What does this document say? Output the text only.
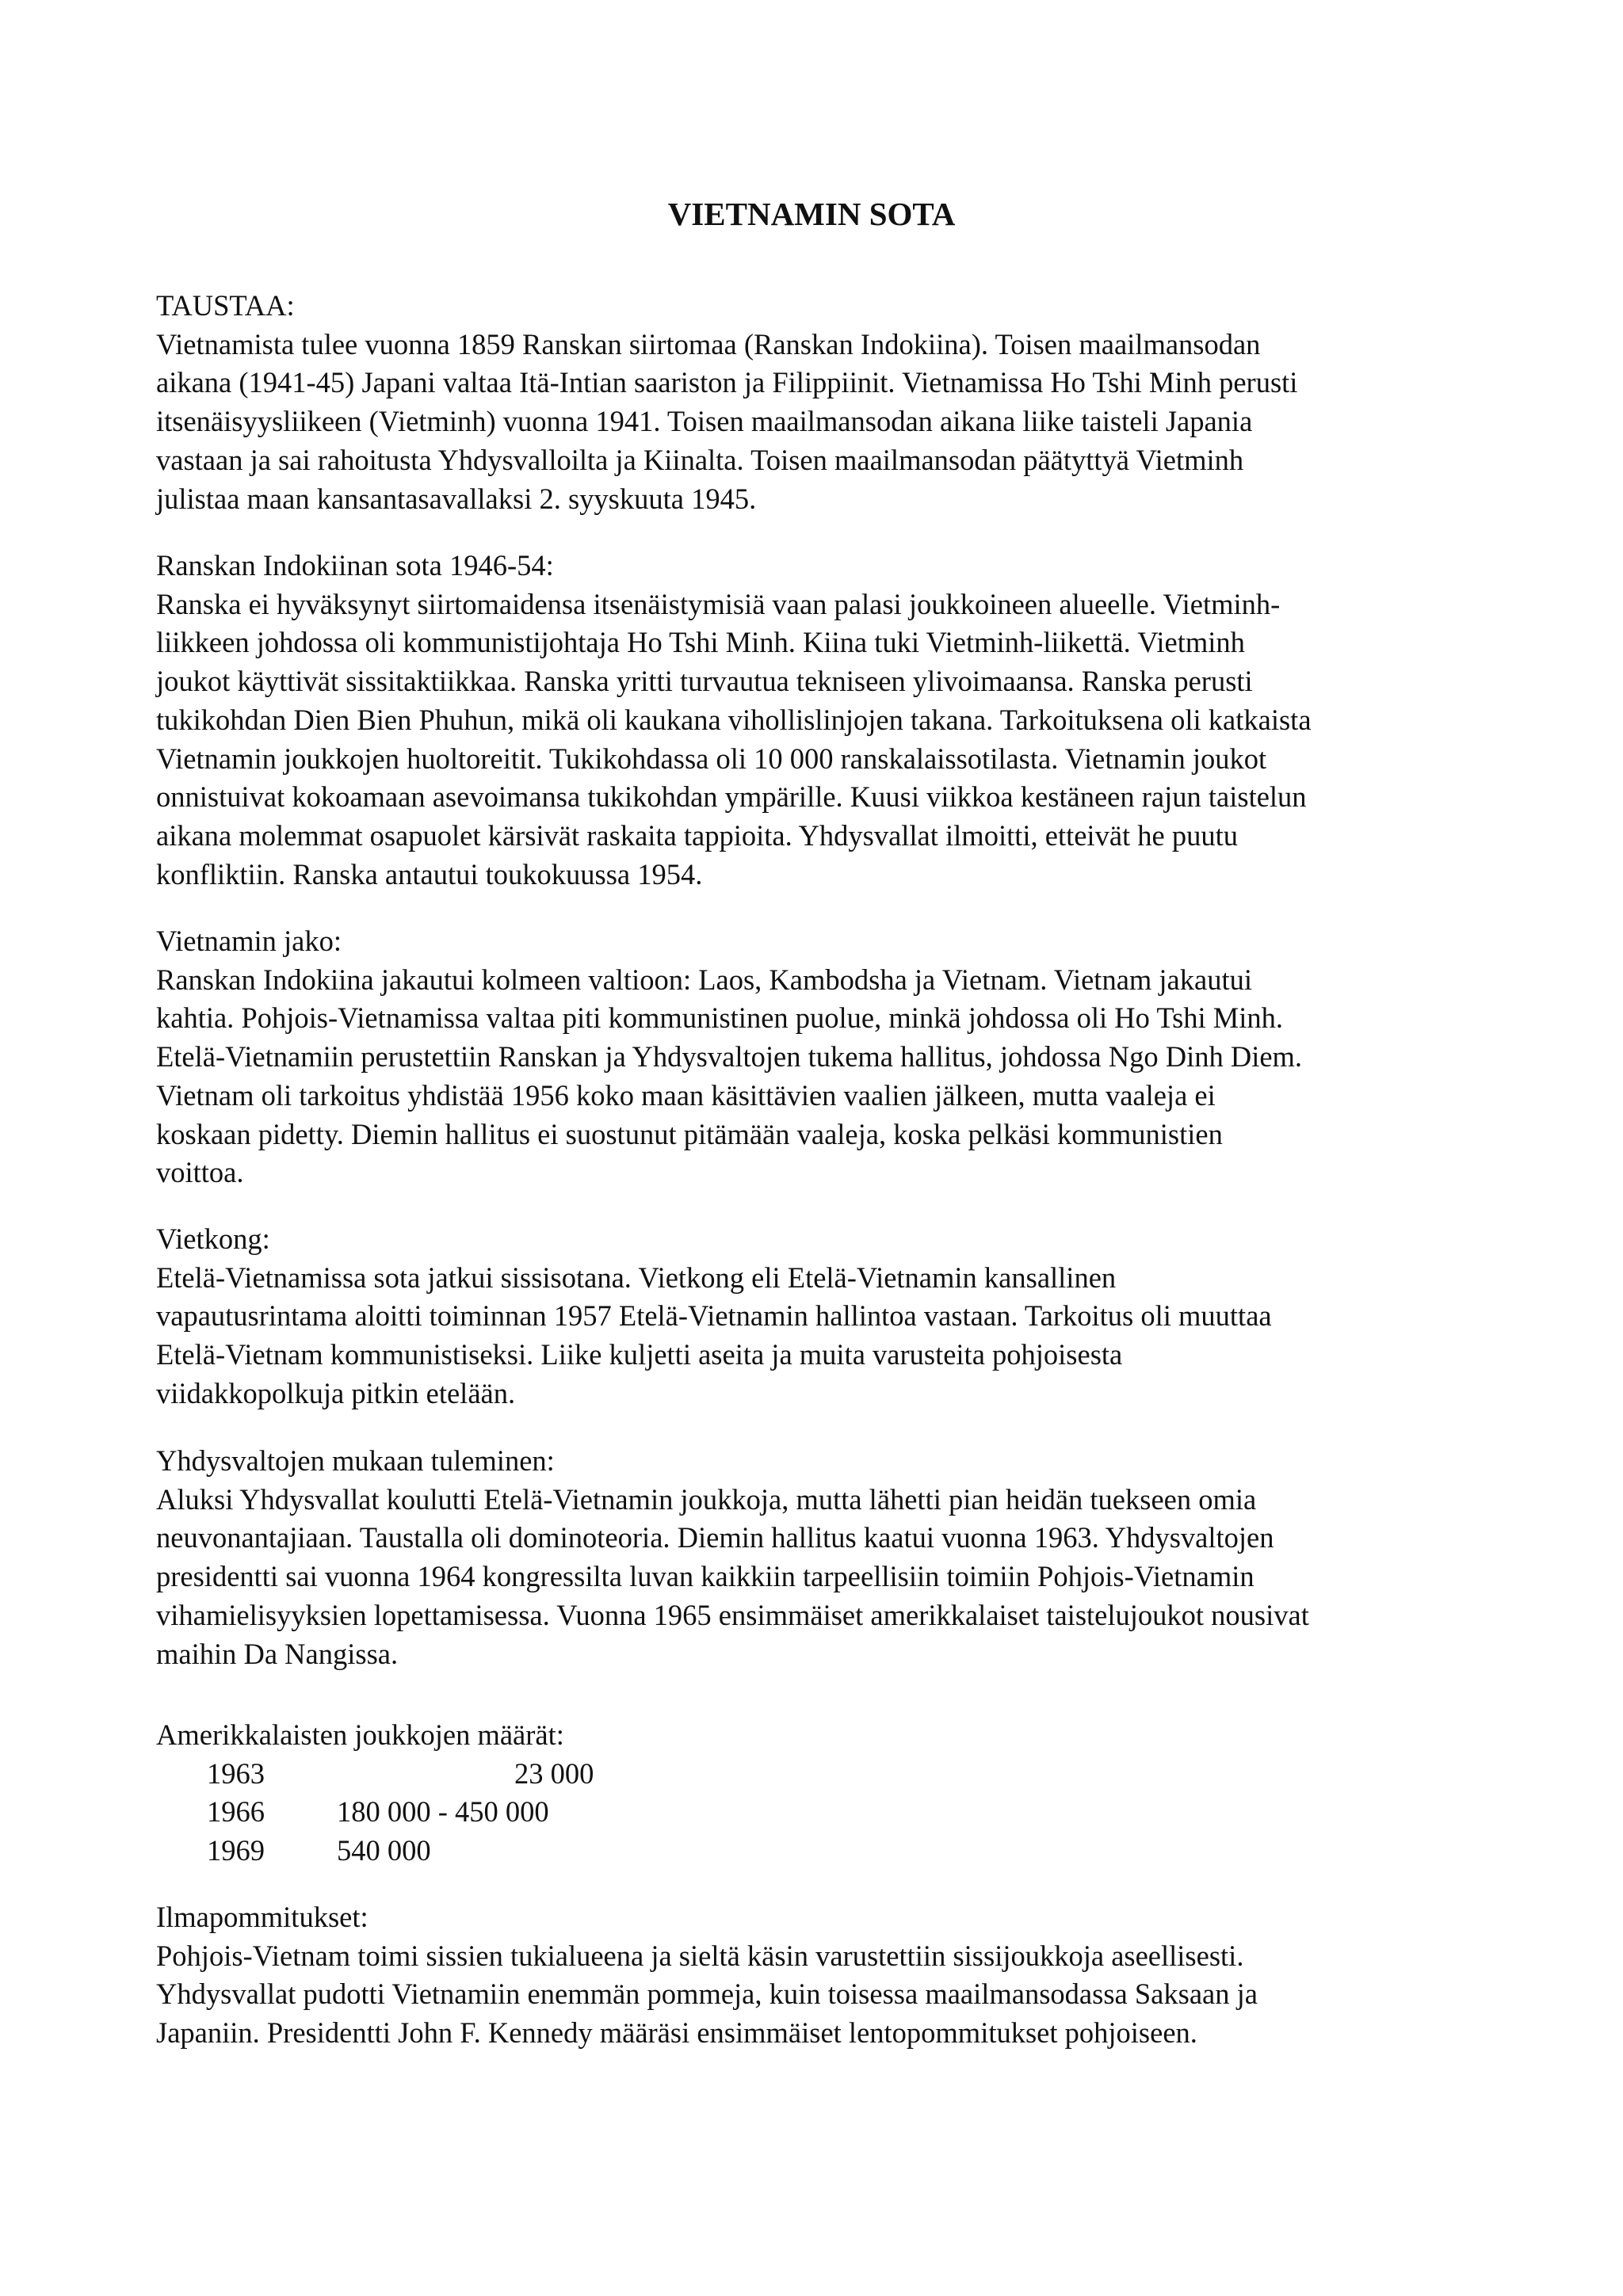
VIETNAMIN SOTA
TAUSTAA:
Vietnamista tulee vuonna 1859 Ranskan siirtomaa (Ranskan Indokiina). Toisen maailmansodan
aikana (1941-45) Japani valtaa Itä-Intian saariston ja Filippiinit. Vietnamissa Ho Tshi Minh perusti
itsenäisyysliikeen (Vietminh) vuonna 1941. Toisen maailmansodan aikana liike taisteli Japania
vastaan ja sai rahoitusta Yhdysvalloilta ja Kiinalta. Toisen maailmansodan päätyttyä Vietminh
julistaa maan kansantasavallaksi 2. syyskuuta 1945.
Ranskan Indokiinan sota 1946-54:
Ranska ei hyväksynyt siirtomaidensa itsenäistymisiä vaan palasi joukkoineen alueelle. Vietminh-
liikkeen johdossa oli kommunistijohtaja Ho Tshi Minh. Kiina tuki Vietminh-liikettä. Vietminh
joukot käyttivät sissitaktiikkaa. Ranska yritti turvautua tekniseen ylivoimaansa. Ranska perusti
tukikohdan Dien Bien Phuhun, mikä oli kaukana vihollislinjojen takana. Tarkoituksena oli katkaista
Vietnamin joukkojen huoltoreitit. Tukikohdassa oli 10 000 ranskalaissotilasta. Vietnamin joukot
onnistuivat kokoamaan asevoimansa tukikohdan ympärille. Kuusi viikkoa kestäneen rajun taistelun
aikana molemmat osapuolet kärsivät raskaita tappioita. Yhdysvallat ilmoitti, etteivät he puutu
konfliktiin. Ranska antautui toukokuussa 1954.
Vietnamin jako:
Ranskan Indokiina jakautui kolmeen valtioon: Laos, Kambodsha ja Vietnam. Vietnam jakautui
kahtia. Pohjois-Vietnamissa valtaa piti kommunistinen puolue, minkä johdossa oli Ho Tshi Minh.
Etelä-Vietnamiin perustettiin Ranskan ja Yhdysvaltojen tukema hallitus, johdossa Ngo Dinh Diem.
Vietnam oli tarkoitus yhdistää 1956 koko maan käsittävien vaalien jälkeen, mutta vaaleja ei
koskaan pidetty. Diemin hallitus ei suostunut pitämään vaaleja, koska pelkäsi kommunistien
voittoa.
Vietkong:
Etelä-Vietnamissa sota jatkui sissisotana. Vietkong eli Etelä-Vietnamin kansallinen
vapautusrintama aloitti toiminnan 1957 Etelä-Vietnamin hallintoa vastaan. Tarkoitus oli muuttaa
Etelä-Vietnam kommunistiseksi. Liike kuljetti aseita ja muita varusteita pohjoisesta
viidakkopolkuja pitkin etelään.
Yhdysvaltojen mukaan tuleminen:
Aluksi Yhdysvallat koulutti Etelä-Vietnamin joukkoja, mutta lähetti pian heidän tuekseen omia
neuvonantajiaan. Taustalla oli dominoteoria. Diemin hallitus kaatui vuonna 1963. Yhdysvaltojen
presidentti sai vuonna 1964 kongressilta luvan kaikkiin tarpeellisiin toimiin Pohjois-Vietnamin
vihamielisyyksien lopettamisessa. Vuonna 1965 ensimmäiset amerikkalaiset taistelujoukot nousivat
maihin Da Nangissa.
Amerikkalaisten joukkojen määrät:
1963	23 000
1966 180 000 - 450 000
1969 540 000
Ilmapommitukset:
Pohjois-Vietnam toimi sissien tukialueena ja sieltä käsin varustettiin sissijoukkoja aseellisesti.
Yhdysvallat pudotti Vietnamiin enemmän pommeja, kuin toisessa maailmansodassa Saksaan ja
Japaniin. Presidentti John F. Kennedy määräsi ensimmäiset lentopommitukset pohjoiseen.
